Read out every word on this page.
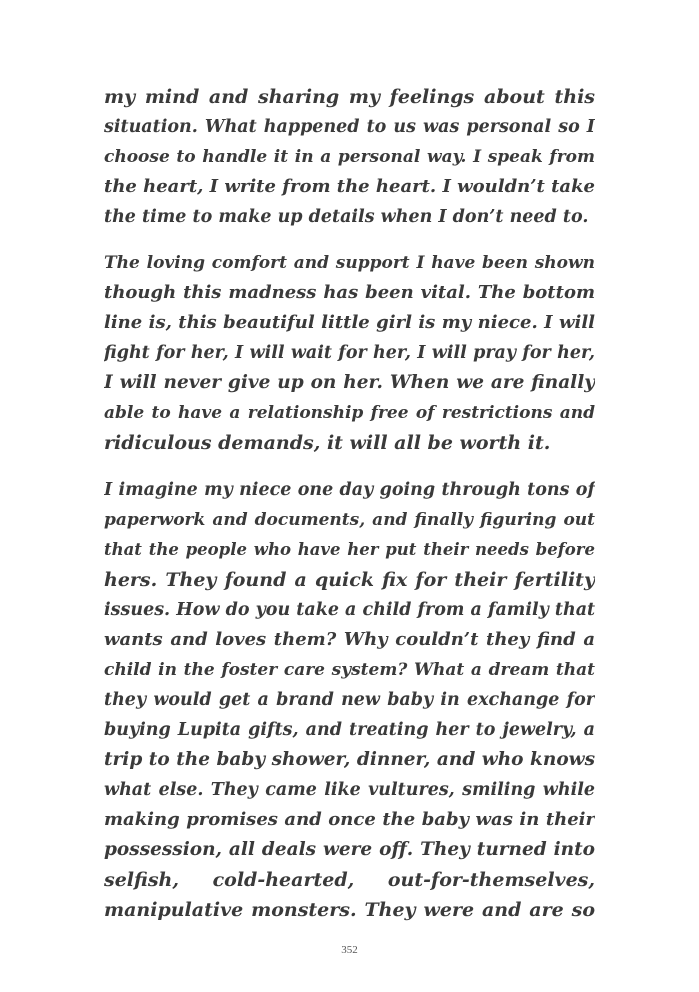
my mind and sharing my feelings about this
situation. What happened to us was personal so I
choose to handle it in a personal way. I speak from
the heart, I write from the heart. I wouldn’t take
the time to make up details when I don’t need to.
The loving comfort and support I have been shown
though this madness has been vital. The bottom
line is, this beautiful little girl is my niece. I will
fight for her, I will wait for her, I will pray for her,
I will never give up on her. When we are finally
able to have a relationship free of restrictions and
ridiculous demands, it will all be worth it.
I imagine my niece one day going through tons of
paperwork and documents, and finally figuring out
that the people who have her put their needs before
hers. They found a quick fix for their fertility
issues. How do you take a child from a family that
wants and loves them? Why couldn’t they find a
child in the foster care system? What a dream that
they would get a brand new baby in exchange for
buying Lupita gifts, and treating her to jewelry, a
trip to the baby shower, dinner, and who knows
what else. They came like vultures, smiling while
making promises and once the baby was in their
possession, all deals were off. They turned into
selfish, cold-hearted, out-for-themselves,
manipulative monsters. They were and are so
352
